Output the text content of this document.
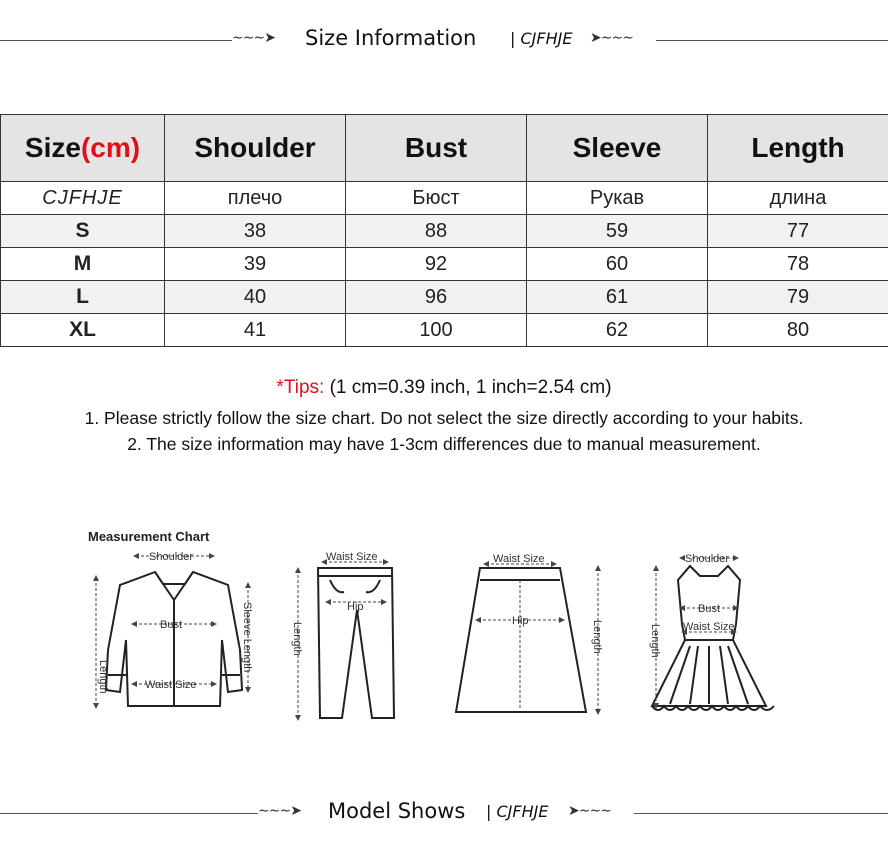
∼∼∼➤ Size Information | CJFHJE ➤∼∼∼
Size(cm)	Shoulder	Bust	Sleeve	Length
CJFHJE	плечо	Бюст	Рукав	длина
S	38	88	59	77
M	39	92	60	78
L	40	96	61	79
XL	41	100	62	80
*Tips: (1 cm=0.39 inch, 1 inch=2.54 cm)
1. Please strictly follow the size chart. Do not select the size directly according to your habits.
2. The size information may have 1-3cm differences due to manual measurement.
Measurement Chart
Shoulder
Bust
Waist Size
Length
Sleeve Length
Waist Size
Hip
Length
Waist Size
Hip	Length
Shoulder
Bust
Waist Size
Length
∼∼∼➤ Model Shows | CJFHJE ➤∼∼∼
